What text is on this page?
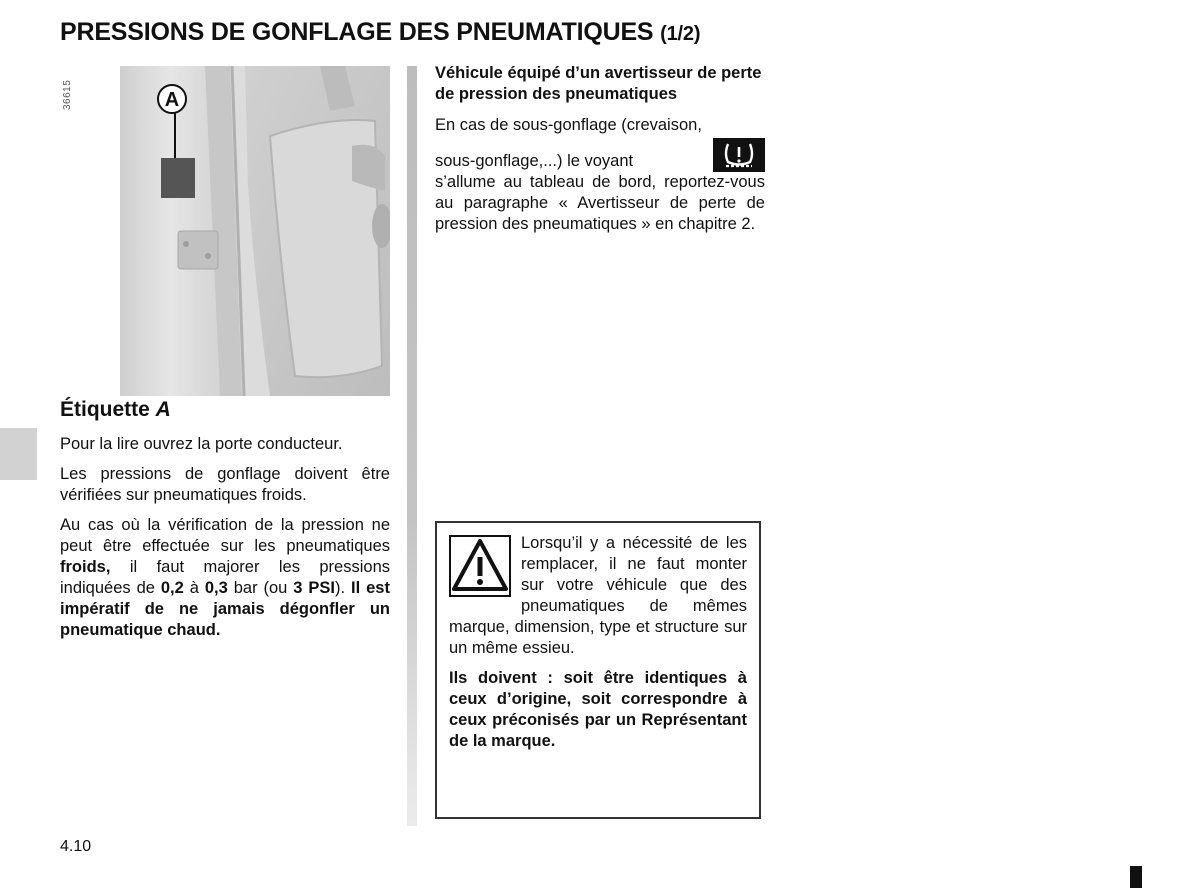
PRESSIONS DE GONFLAGE DES PNEUMATIQUES (1/2)
36615	A
Étiquette A

Pour la lire ouvrez la porte conducteur.

Les pressions de gonflage doivent être vérifiées sur pneumatiques froids.

Au cas où la vérification de la pression ne peut être effectuée sur les pneumatiques froids, il faut majorer les pressions indiquées de 0,2 à 0,3 bar (ou 3 PSI). Il est impératif de ne jamais dégonfler un pneumatique chaud.

Véhicule équipé d’un avertisseur de perte de pression des pneumatiques

En cas de sous-gonflage (crevaison,

sous-gonflage,...) le voyant

s’allume au tableau de bord, reportez-vous au paragraphe « Avertisseur de perte de pression des pneumatiques » en chapitre 2.

Lorsqu’il y a nécessité de les remplacer, il ne faut monter sur votre véhicule que des pneumatiques de mêmes marque, dimension, type et structure sur un même essieu.

Ils doivent : soit être identiques à ceux d’origine, soit correspondre à ceux préconisés par un Représentant de la marque.

4.10
